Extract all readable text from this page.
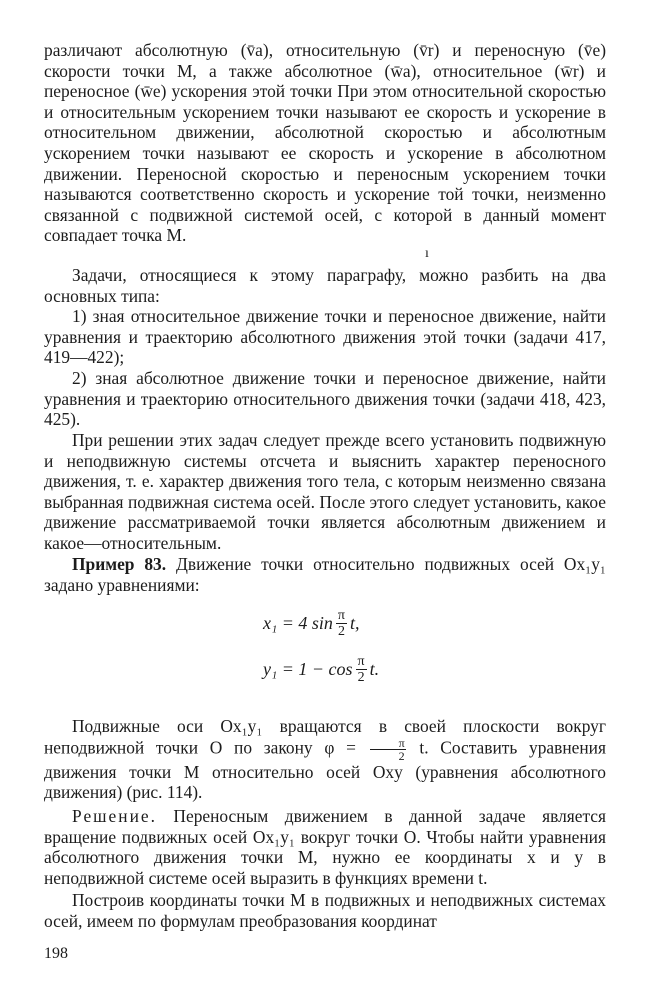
различают абсолютную (v̄a), относительную (v̄r) и переносную (v̄e) скорости точки M, а также абсолютное (w̄a), относительное (w̄r) и переносное (w̄e) ускорения этой точки При этом относительной скоростью и относительным ускорением точки называют ее скорость и ускорение в относительном движении, абсолютной скоростью и абсолютным ускорением точки называют ее скорость и ускорение в абсолютном движении. Переносной скоростью и переносным ускорением точки называются соответственно скорость и ускорение той точки, неизменно связанной с подвижной системой осей, с которой в данный момент совпадает точка M.

ı

Задачи, относящиеся к этому параграфу, можно разбить на два основных типа:

1) зная относительное движение точки и переносное движение, найти уравнения и траекторию абсолютного движения этой точки (задачи 417, 419—422);

2) зная абсолютное движение точки и переносное движение, найти уравнения и траекторию относительного движения точки (задачи 418, 423, 425).

При решении этих задач следует прежде всего установить подвижную и неподвижную системы отсчета и выяснить характер переносного движения, т. е. характер движения того тела, с которым неизменно связана выбранная подвижная система осей. После этого следует установить, какое движение рассматриваемой точки является абсолютным движением и какое—относительным.

Пример 83. Движение точки относительно подвижных осей Ox₁y₁ задано уравнениями:

x₁ = 4 $\sin \frac{\pi}{2} t$,
$y_1 = 1 - \cos \frac{\pi}{2} t$.

Подвижные оси Ox₁y₁ вращаются в своей плоскости вокруг неподвижной точки O по закону $\varphi = \frac{\pi}{2} t$. Составить уравнения движения точки M относительно осей Oxy (уравнения абсолютного движения) (рис. 114).

Решение. Переносным движением в данной задаче является вращение подвижных осей Ox₁y₁ вокруг точки O. Чтобы найти уравнения абсолютного движения точки M, нужно ее координаты x и y в неподвижной системе осей выразить в функциях времени t.

Построив координаты точки M в подвижных и неподвижных системах осей, имеем по формулам преобразования координат

198
